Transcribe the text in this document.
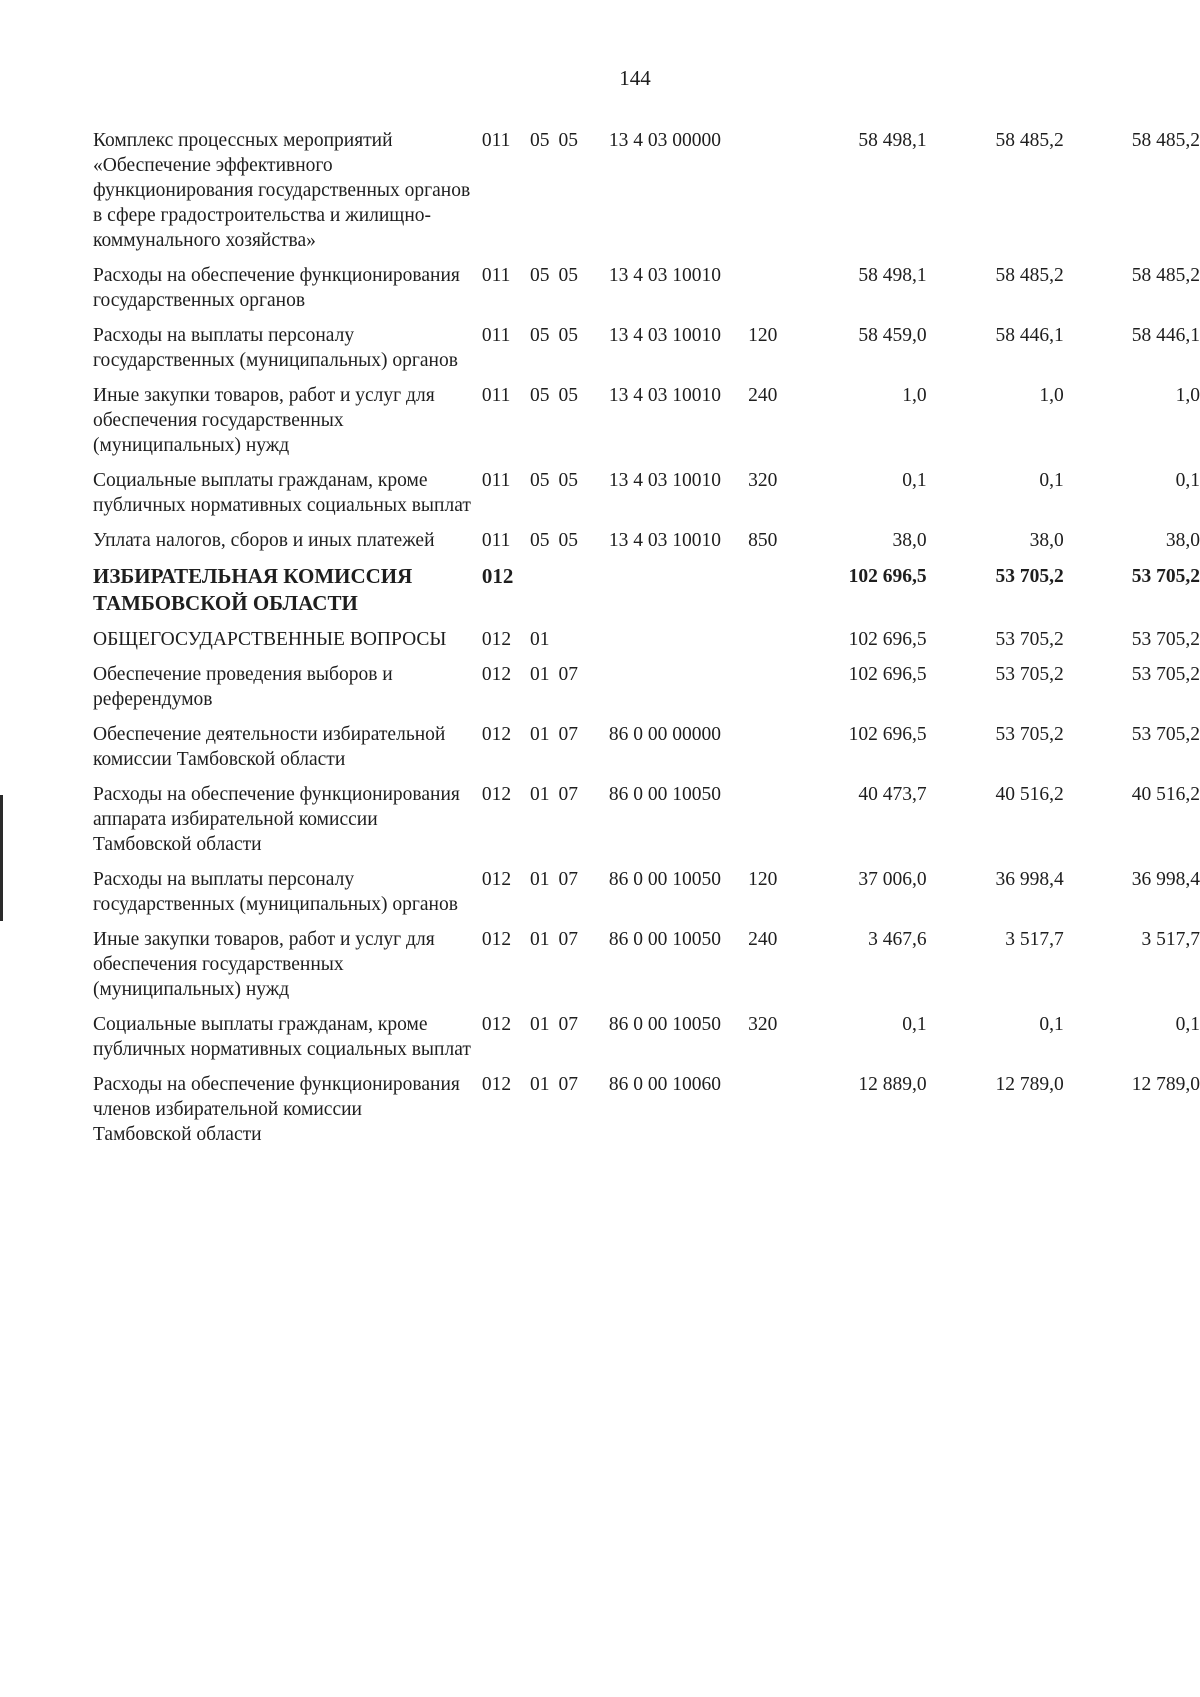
144
Комплекс процессных мероприятий «Обеспечение эффективного функционирования государственных органов в сфере градостроительства и жилищно-коммунального хозяйства»	011	05	05	13 4 03 00000		58 498,1	58 485,2	58 485,2
Расходы на обеспечение функционирования государственных органов	011	05	05	13 4 03 10010		58 498,1	58 485,2	58 485,2
Расходы на выплаты персоналу государственных (муниципальных) органов	011	05	05	13 4 03 10010	120	58 459,0	58 446,1	58 446,1
Иные закупки товаров, работ и услуг для обеспечения государственных (муниципальных) нужд	011	05	05	13 4 03 10010	240	1,0	1,0	1,0
Социальные выплаты гражданам, кроме публичных нормативных социальных выплат	011	05	05	13 4 03 10010	320	0,1	0,1	0,1
Уплата налогов, сборов и иных платежей	011	05	05	13 4 03 10010	850	38,0	38,0	38,0
ИЗБИРАТЕЛЬНАЯ КОМИССИЯ ТАМБОВСКОЙ ОБЛАСТИ	012					102 696,5	53 705,2	53 705,2
ОБЩЕГОСУДАРСТВЕННЫЕ ВОПРОСЫ	012	01				102 696,5	53 705,2	53 705,2
Обеспечение проведения выборов и референдумов	012	01	07			102 696,5	53 705,2	53 705,2
Обеспечение деятельности избирательной комиссии Тамбовской области	012	01	07	86 0 00 00000		102 696,5	53 705,2	53 705,2
Расходы на обеспечение функционирования аппарата избирательной комиссии Тамбовской области	012	01	07	86 0 00 10050		40 473,7	40 516,2	40 516,2
Расходы на выплаты персоналу государственных (муниципальных) органов	012	01	07	86 0 00 10050	120	37 006,0	36 998,4	36 998,4
Иные закупки товаров, работ и услуг для обеспечения государственных (муниципальных) нужд	012	01	07	86 0 00 10050	240	3 467,6	3 517,7	3 517,7
Социальные выплаты гражданам, кроме публичных нормативных социальных выплат	012	01	07	86 0 00 10050	320	0,1	0,1	0,1
Расходы на обеспечение функционирования членов избирательной комиссии Тамбовской области	012	01	07	86 0 00 10060		12 889,0	12 789,0	12 789,0
